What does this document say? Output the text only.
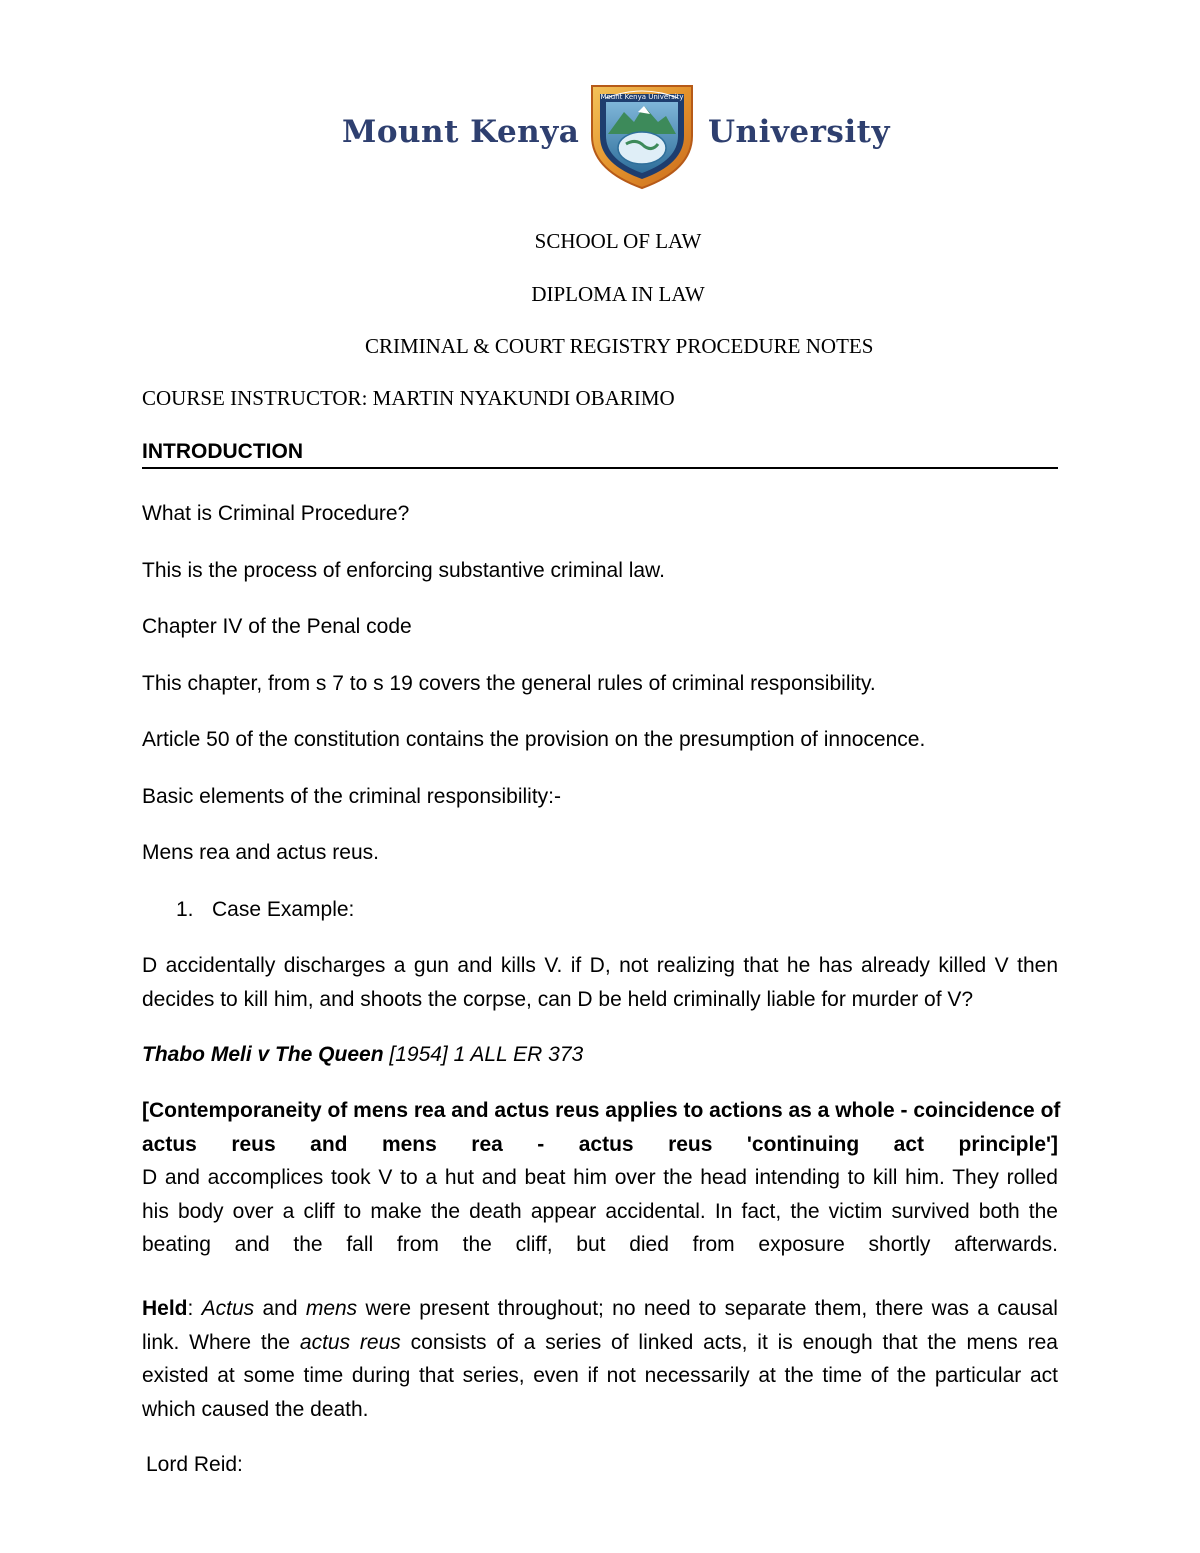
Mount Kenya
Mount Kenya University
University
SCHOOL OF LAW
DIPLOMA IN LAW
CRIMINAL & COURT REGISTRY PROCEDURE NOTES
COURSE INSTRUCTOR: MARTIN NYAKUNDI OBARIMO
INTRODUCTION
What is Criminal Procedure?
This is the process of enforcing substantive criminal law.
Chapter IV of the Penal code
This chapter, from s 7 to s 19 covers the general rules of criminal responsibility.
Article 50 of the constitution contains the provision on the presumption of innocence.
Basic elements of the criminal responsibility:-
Mens rea and actus reus.
1. Case Example:
D accidentally discharges a gun and kills V. if D, not realizing that he has already killed V then
decides to kill him, and shoots the corpse, can D be held criminally liable for murder of V?
Thabo Meli v The Queen [1954] 1 ALL ER 373
[Contemporaneity of mens rea and actus reus applies to actions as a whole - coincidence of
actus reus and mens rea - actus reus 'continuing act principle']
D and accomplices took V to a hut and beat him over the head intending to kill him. They rolled
his body over a cliff to make the death appear accidental. In fact, the victim survived both the
beating and the fall from the cliff, but died from exposure shortly afterwards.
Held: Actus and mens were present throughout; no need to separate them, there was a causal
link. Where the actus reus consists of a series of linked acts, it is enough that the mens rea
existed at some time during that series, even if not necessarily at the time of the particular act
which caused the death.
Lord Reid:
